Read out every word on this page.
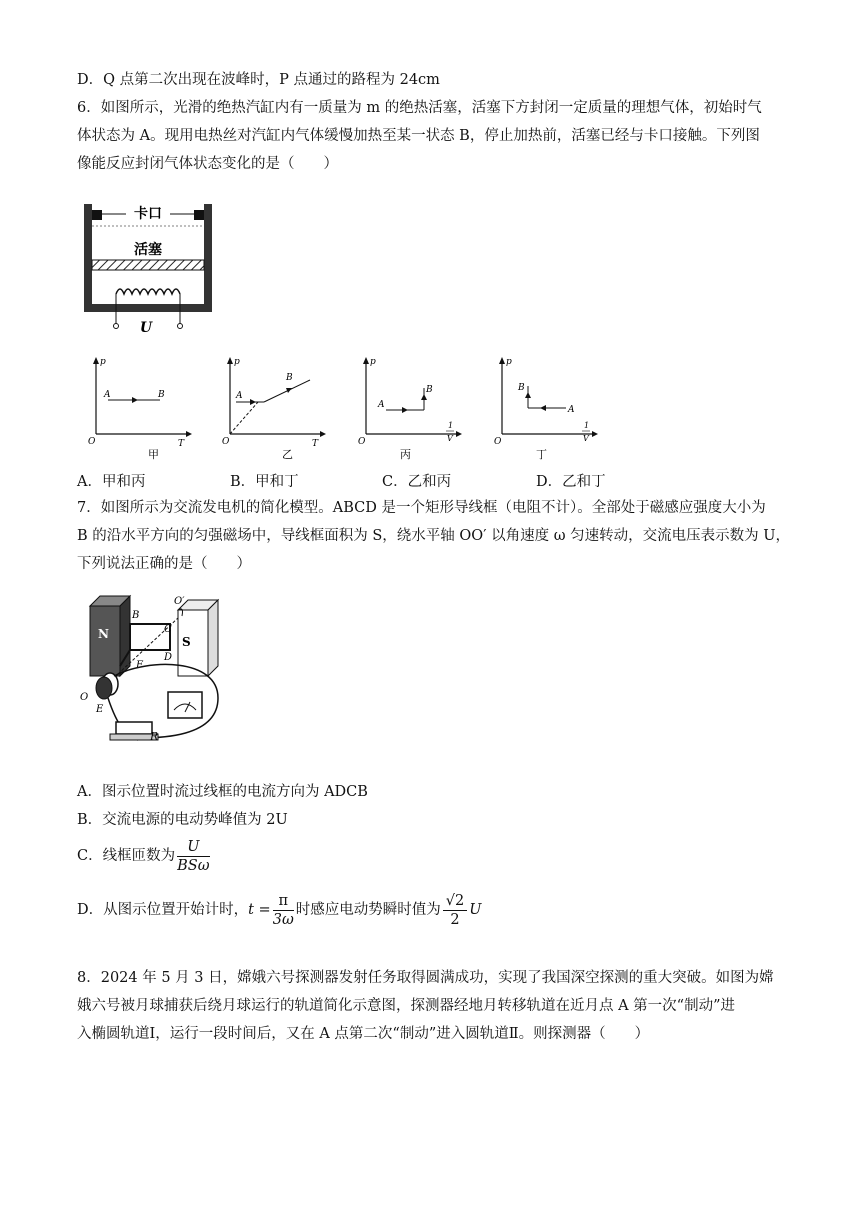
D．Q 点第二次出现在波峰时，P 点通过的路程为 24cm
6．如图所示，光滑的绝热汽缸内有一质量为 m 的绝热活塞，活塞下方封闭一定质量的理想气体，初始时气
体状态为 A。现用电热丝对汽缸内气体缓慢加热至某一状态 B，停止加热前，活塞已经与卡口接触。下列图
像能反应封闭气体状态变化的是（　　）
卡口
活塞
U
p
O	T
A	B
甲
p
O	T
A
B
乙
p
O
1
V
A
B
丙
p
O
1
V
A
B
丁
A．甲和丙	B．甲和丁	C．乙和丙	D．乙和丁
7．如图所示为交流发电机的简化模型。ABCD 是一个矩形导线框（电阻不计）。全部处于磁感应强度大小为
B 的沿水平方向的匀强磁场中，导线框面积为 S，绕水平轴 OO′ 以角速度 ω 匀速转动，交流电压表示数为 U，
下列说法正确的是（　　）
N
S
B
C
D
F
O′
O
E
R
A．图示位置时流过线框的电流方向为 ADCB
B．交流电源的电动势峰值为 2U
C．线框匝数为 $\frac{U}{\text{BSω}}$
D．从图示位置开始计时，$t = \frac{\pi}{3\omega}$ 时感应电动势瞬时值为 $\frac{√2}{2}$ U
8．2024 年 5 月 3 日，嫦娥六号探测器发射任务取得圆满成功，实现了我国深空探测的重大突破。如图为嫦
娥六号被月球捕获后绕月球运行的轨道简化示意图，探测器经地月转移轨道在近月点 A 第一次“制动”进
入椭圆轨道Ⅰ，运行一段时间后，又在 A 点第二次“制动”进入圆轨道Ⅱ。则探测器（　　）
